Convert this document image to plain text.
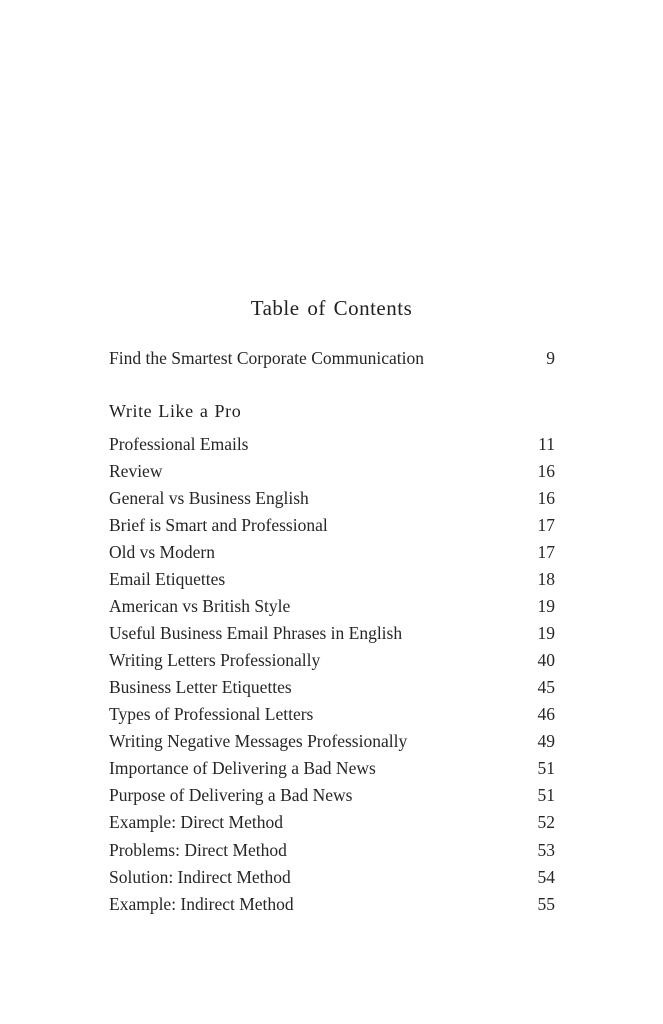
Table of Contents
Find the Smartest Corporate Communication	9
Write Like a Pro
Professional Emails	11
Review	16
General vs Business English	16
Brief is Smart and Professional	17
Old vs Modern	17
Email Etiquettes	18
American vs British Style	19
Useful Business Email Phrases in English	19
Writing Letters Professionally	40
Business Letter Etiquettes	45
Types of Professional Letters	46
Writing Negative Messages Professionally	49
Importance of Delivering a Bad News	51
Purpose of Delivering a Bad News	51
Example: Direct Method	52
Problems: Direct Method	53
Solution: Indirect Method	54
Example: Indirect Method	55
